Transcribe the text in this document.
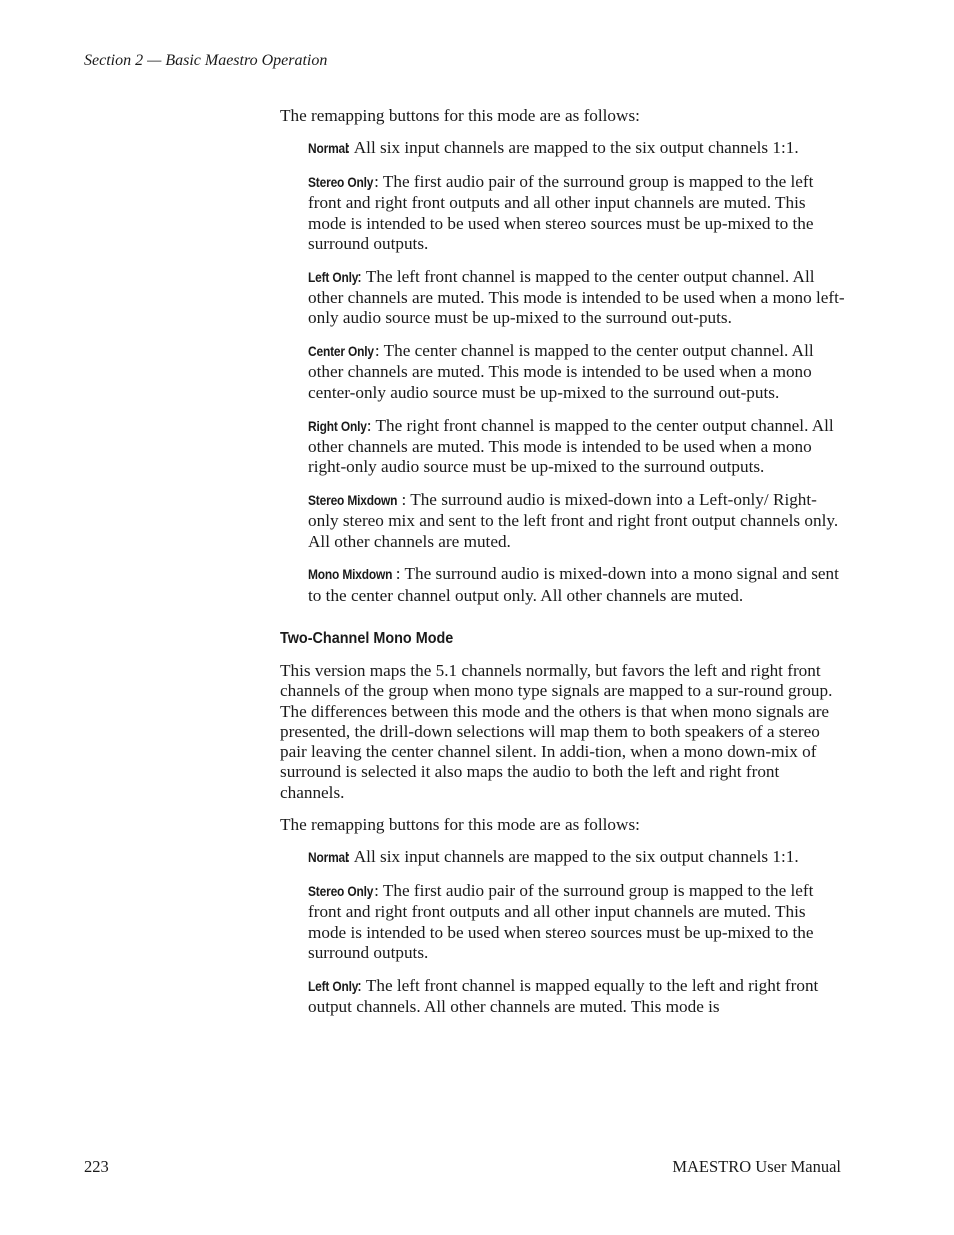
Section 2 — Basic Maestro Operation

The remapping buttons for this mode are as follows:

Normal: All six input channels are mapped to the six output channels 1:1.

Stereo Only: The first audio pair of the surround group is mapped to the left front and right front outputs and all other input channels are muted. This mode is intended to be used when stereo sources must be up-mixed to the surround outputs.

Left Only: The left front channel is mapped to the center output channel. All other channels are muted. This mode is intended to be used when a mono left-only audio source must be up-mixed to the surround out-puts.

Center Only: The center channel is mapped to the center output channel. All other channels are muted. This mode is intended to be used when a mono center-only audio source must be up-mixed to the surround out-puts.

Right Only: The right front channel is mapped to the center output channel. All other channels are muted. This mode is intended to be used when a mono right-only audio source must be up-mixed to the surround outputs.

Stereo Mixdown : The surround audio is mixed-down into a Left-only/ Right-only stereo mix and sent to the left front and right front output channels only. All other channels are muted.

Mono Mixdown : The surround audio is mixed-down into a mono signal and sent to the center channel output only. All other channels are muted.

Two-Channel Mono Mode

This version maps the 5.1 channels normally, but favors the left and right front channels of the group when mono type signals are mapped to a sur-round group. The differences between this mode and the others is that when mono signals are presented, the drill-down selections will map them to both speakers of a stereo pair leaving the center channel silent. In addi-tion, when a mono down-mix of surround is selected it also maps the audio to both the left and right front channels.

The remapping buttons for this mode are as follows:

Normal: All six input channels are mapped to the six output channels 1:1.

Stereo Only: The first audio pair of the surround group is mapped to the left front and right front outputs and all other input channels are muted. This mode is intended to be used when stereo sources must be up-mixed to the surround outputs.

Left Only: The left front channel is mapped equally to the left and right front output channels. All other channels are muted. This mode is

223	MAESTRO User Manual
